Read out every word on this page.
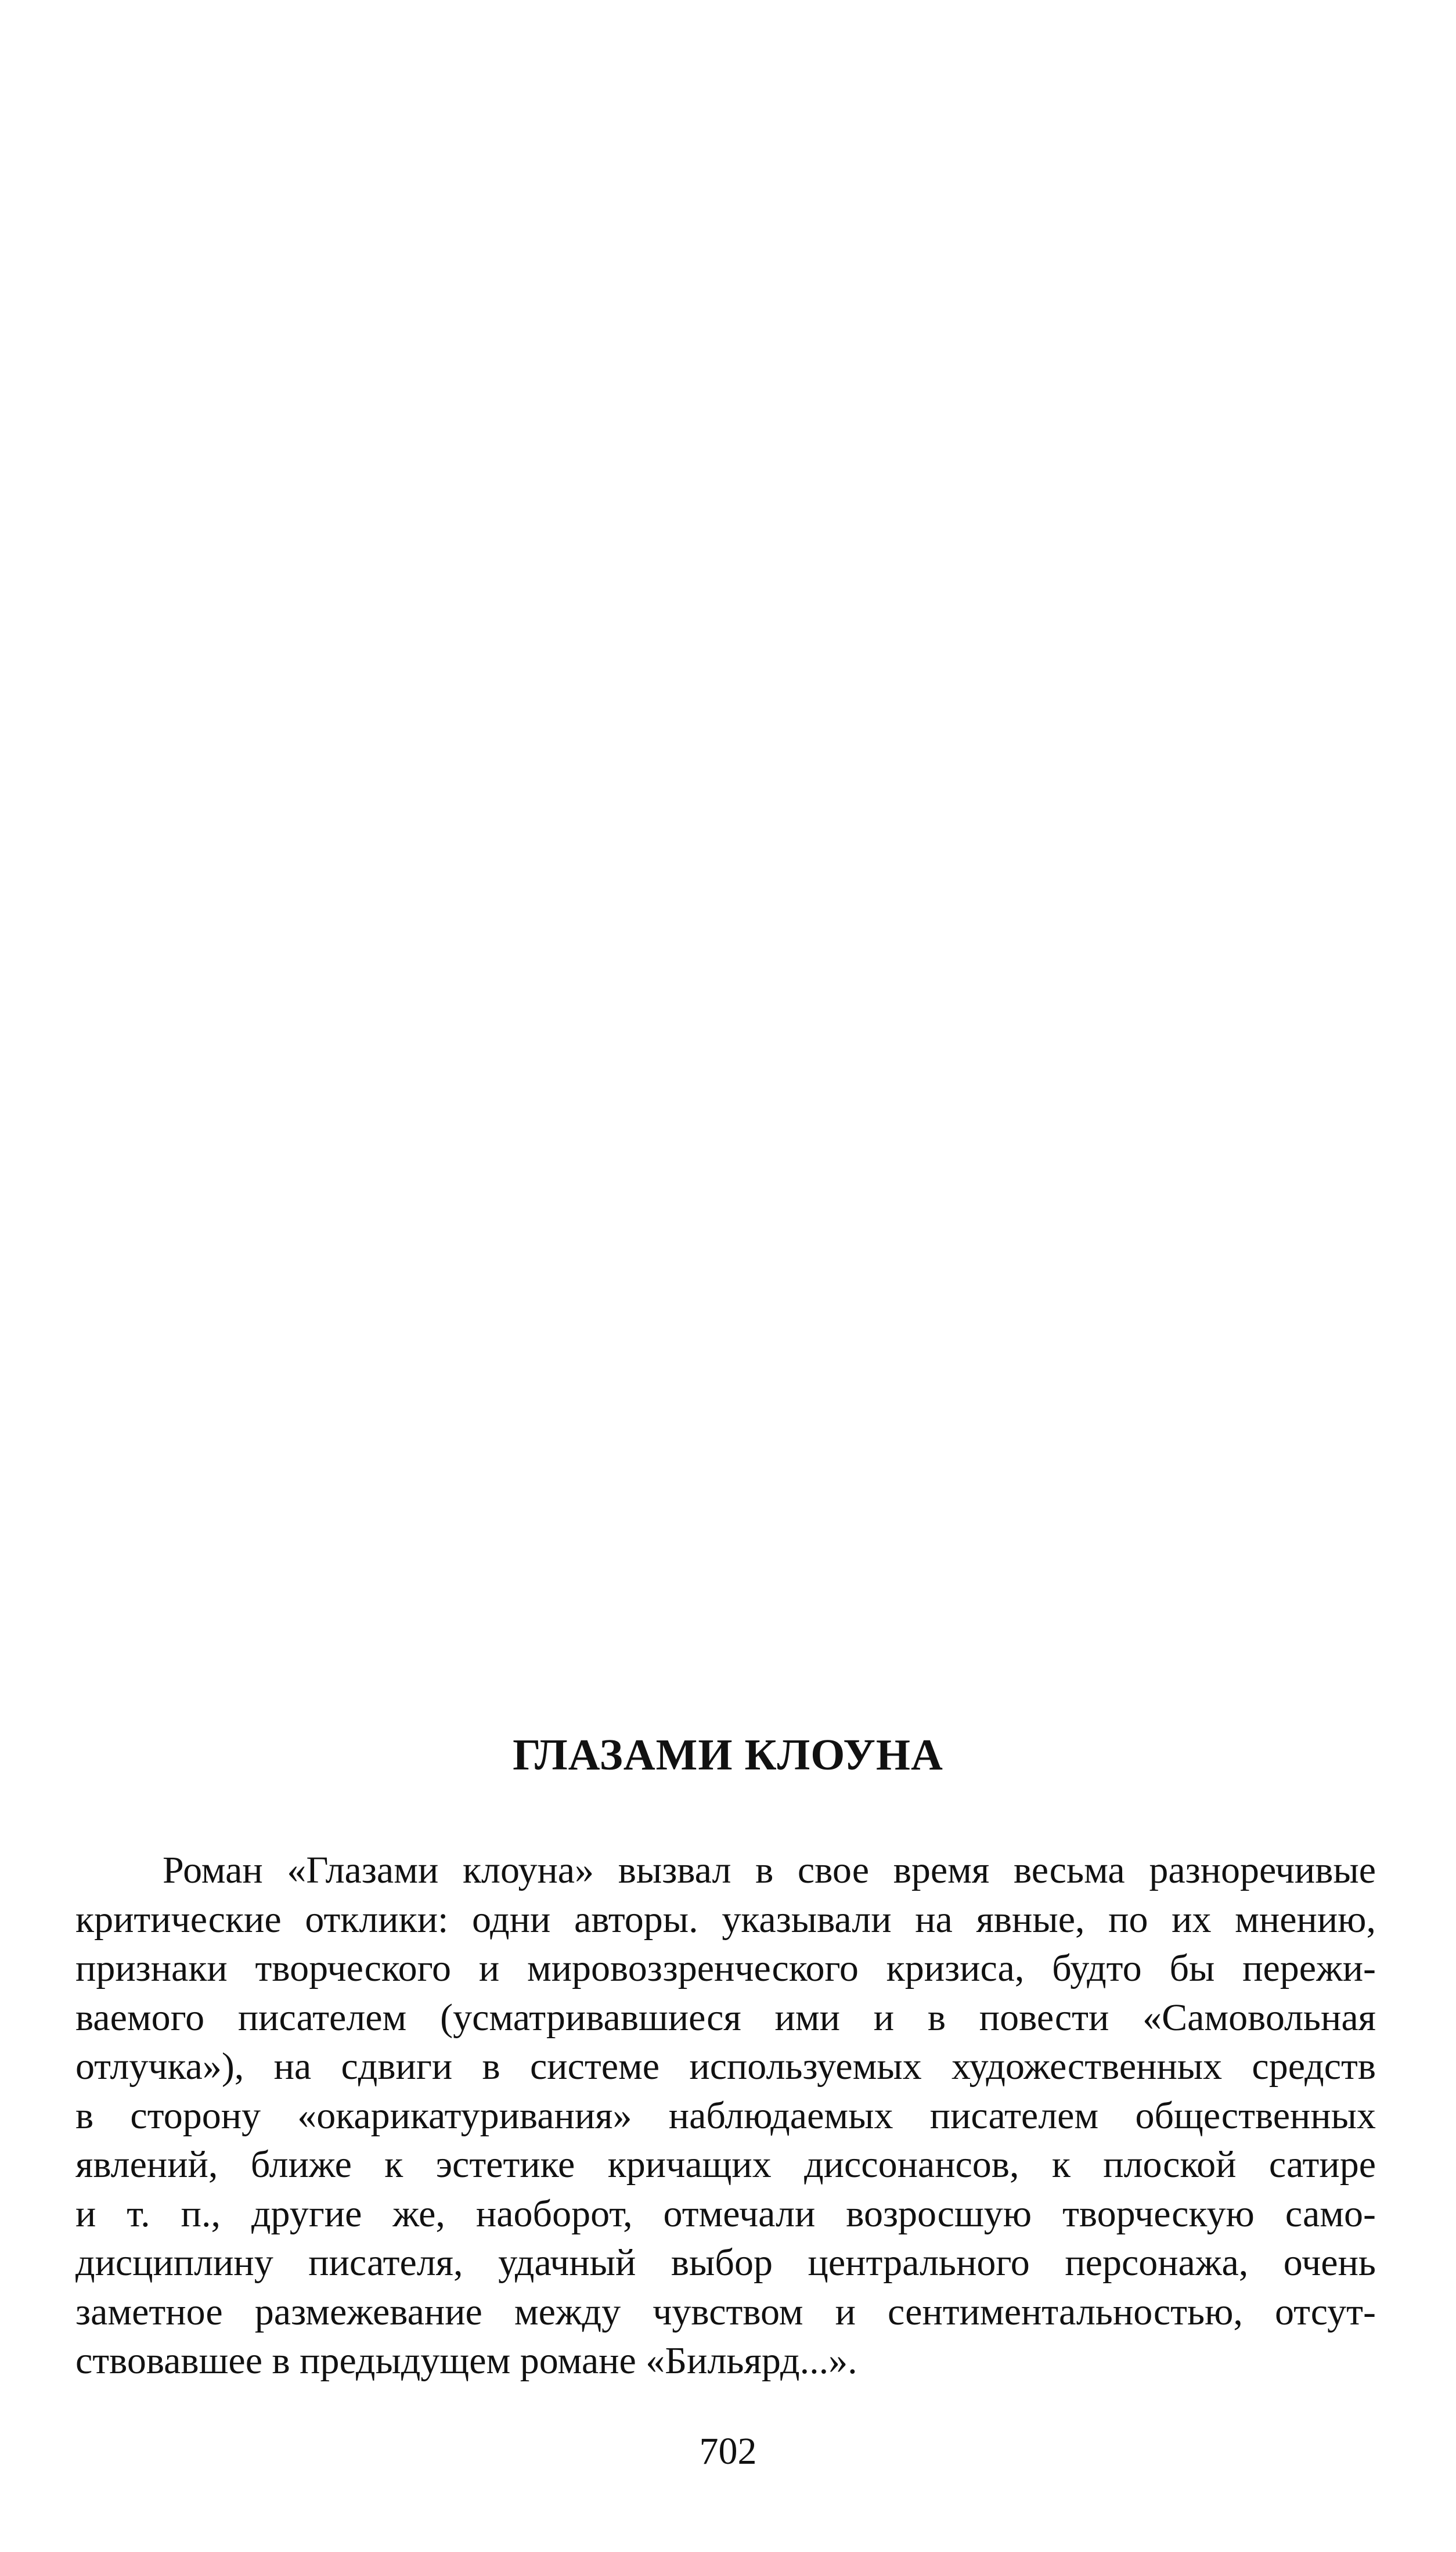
ГЛАЗАМИ КЛОУНА
Роман «Глазами клоуна» вызвал в свое время весьма разноречивые
критические отклики: одни авторы. указывали на явные, по их мнению,
признаки творческого и мировоззренческого кризиса, будто бы пережи-
ваемого писателем (усматривавшиеся ими и в повести «Самовольная
отлучка»), на сдвиги в системе используемых художественных средств
в сторону «окарикатуривания» наблюдаемых писателем общественных
явлений, ближе к эстетике кричащих диссонансов, к плоской сатире
и т. п., другие же, наоборот, отмечали возросшую творческую само-
дисциплину писателя, удачный выбор центрального персонажа, очень
заметное размежевание между чувством и сентиментальностью, отсут-
ствовавшее в предыдущем романе «Бильярд...».
702
